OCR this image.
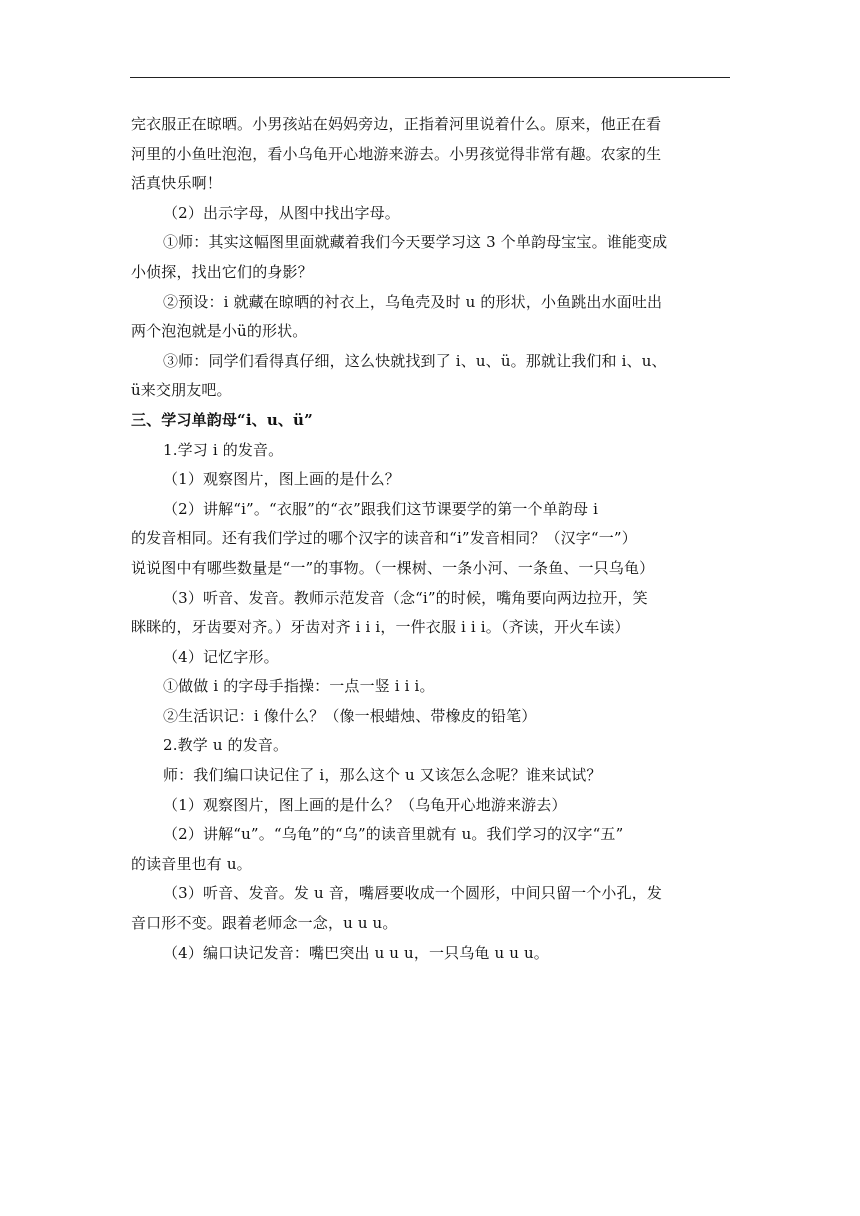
完衣服正在晾晒。小男孩站在妈妈旁边，正指着河里说着什么。原来，他正在看

河里的小鱼吐泡泡，看小乌龟开心地游来游去。小男孩觉得非常有趣。农家的生

活真快乐啊！

（2）出示字母，从图中找出字母。

①师：其实这幅图里面就藏着我们今天要学习这 3 个单韵母宝宝。谁能变成

小侦探，找出它们的身影？

②预设：i 就藏在晾晒的衬衣上，乌龟壳及时 u 的形状，小鱼跳出水面吐出

两个泡泡就是小ü的形状。

③师：同学们看得真仔细，这么快就找到了 i、u、ü。那就让我们和 i、u、

ü来交朋友吧。

三、学习单韵母“i、u、ü”

1.学习 i 的发音。

（1）观察图片，图上画的是什么？

（2）讲解“i”。“衣服”的“衣”跟我们这节课要学的第一个单韵母 i

的发音相同。还有我们学过的哪个汉字的读音和“i”发音相同？（汉字“一”）

说说图中有哪些数量是“一”的事物。（一棵树、一条小河、一条鱼、一只乌龟）

（3）听音、发音。教师示范发音（念“i”的时候，嘴角要向两边拉开，笑

眯眯的，牙齿要对齐。）牙齿对齐 i i i，一件衣服 i i i。（齐读，开火车读）

（4）记忆字形。

①做做 i 的字母手指操：一点一竖 i i i。

②生活识记：i 像什么？（像一根蜡烛、带橡皮的铅笔）

2.教学 u 的发音。

师：我们编口诀记住了 i，那么这个 u 又该怎么念呢？谁来试试？

（1）观察图片，图上画的是什么？（乌龟开心地游来游去）

（2）讲解“u”。“乌龟”的“乌”的读音里就有 u。我们学习的汉字“五”

的读音里也有 u。

（3）听音、发音。发 u 音，嘴唇要收成一个圆形，中间只留一个小孔，发

音口形不变。跟着老师念一念，u u u。

（4）编口诀记发音：嘴巴突出 u u u，一只乌龟 u u u。
